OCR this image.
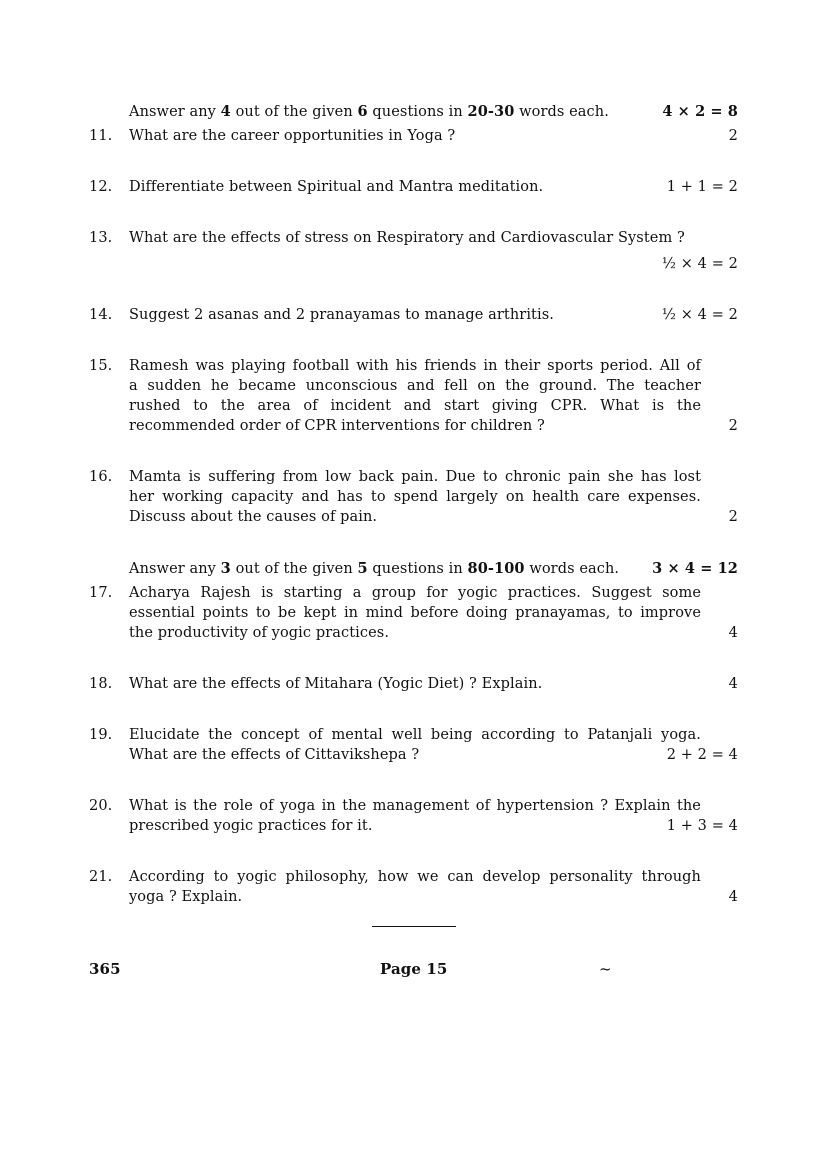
Answer any 4 out of the given 6 questions in 20-30 words each.	4 × 2 = 8
11.	What are the career opportunities in Yoga ?	2
12.	Differentiate between Spiritual and Mantra meditation.	1 + 1 = 2
13.	What are the effects of stress on Respiratory and Cardiovascular System ?
½ × 4 = 2
14.	Suggest 2 asanas and 2 pranayamas to manage arthritis.	½ × 4 = 2
15.	Ramesh was playing football with his friends in their sports period. All of
a sudden he became unconscious and fell on the ground. The teacher
rushed to the area of incident and start giving CPR. What is the
recommended order of CPR interventions for children ?	2
16.	Mamta is suffering from low back pain. Due to chronic pain she has lost
her working capacity and has to spend largely on health care expenses.
Discuss about the causes of pain.	2
Answer any 3 out of the given 5 questions in 80-100 words each.	3 × 4 = 12
17.	Acharya Rajesh is starting a group for yogic practices. Suggest some
essential points to be kept in mind before doing pranayamas, to improve
the productivity of yogic practices.	4
18.	What are the effects of Mitahara (Yogic Diet) ? Explain.	4
19.	Elucidate the concept of mental well being according to Patanjali yoga.
What are the effects of Cittavikshepa ?	2 + 2 = 4
20.	What is the role of yoga in the management of hypertension ? Explain the
prescribed yogic practices for it.	1 + 3 = 4
21.	According to yogic philosophy, how we can develop personality through
yoga ? Explain.	4
365	Page 15	~
